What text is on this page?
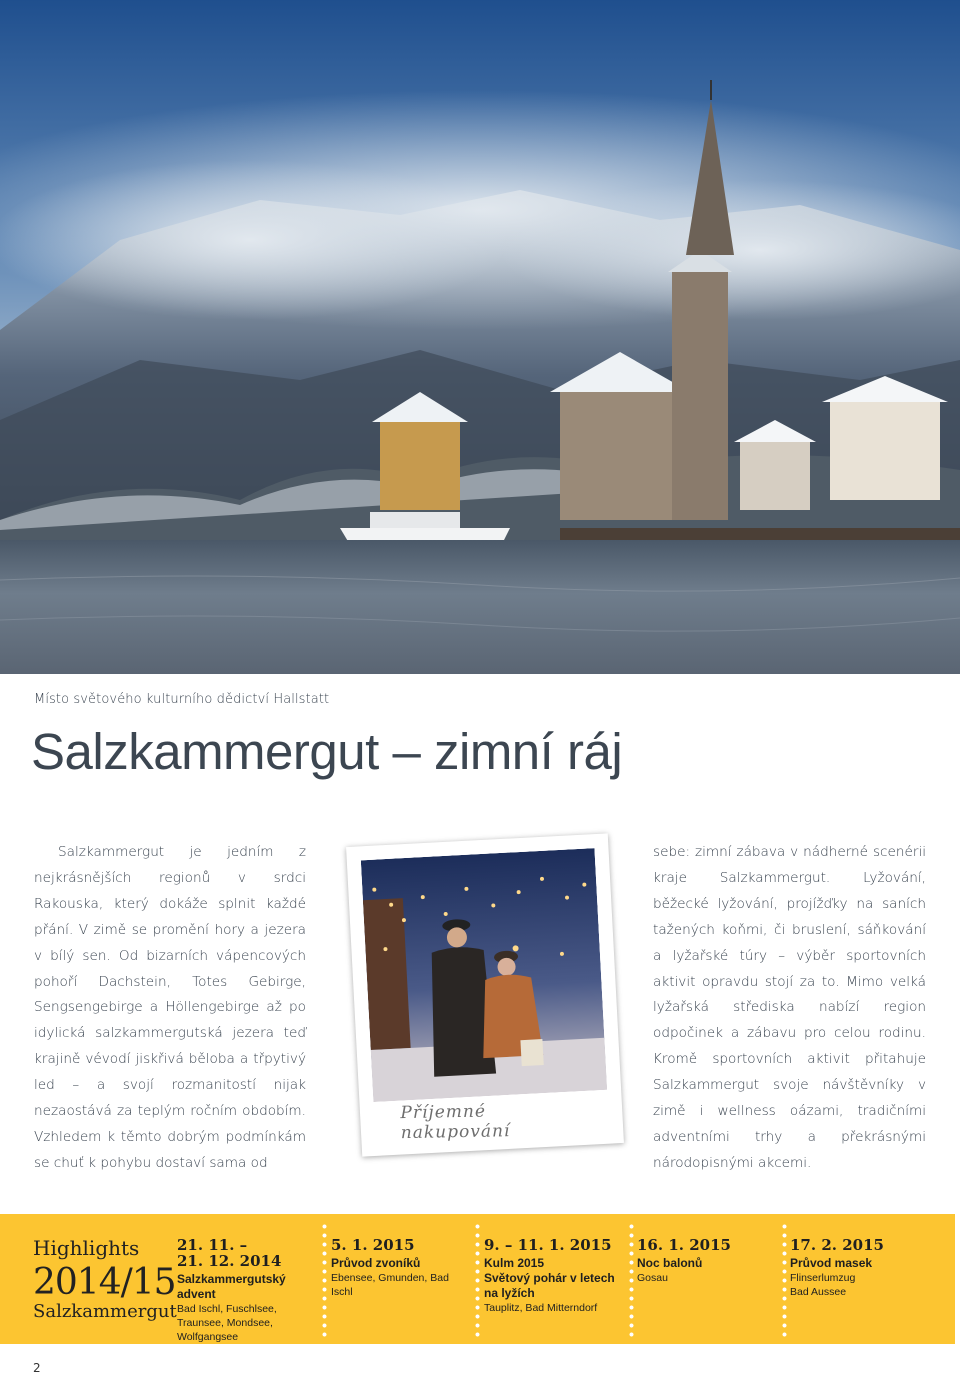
Místo světového kulturního dědictví Hallstatt
Salzkammergut – zimní ráj
Salzkammergut je jedním z nejkrásnějších regionů v srdci Rakouska, který dokáže splnit každé přání. V zimě se promění hory a jezera v bílý sen. Od bizarních vápencových pohoří Dachstein, Totes Gebirge, Sengsengebirge a Höllengebirge až po idylická salzkammergutská jezera teď krajině vévodí jiskřivá běloba a třpytivý led – a svojí rozmanitostí nijak nezaostává za teplým ročním obdobím. Vzhledem k těmto dobrým podmínkám se chuť k pohybu dostaví sama od
Příjemné nakupování
sebe: zimní zábava v nádherné scenérii kraje Salzkammergut. Lyžování, běžecké lyžování, projížďky na saních tažených koňmi, či bruslení, sáňkování a lyžařské túry – výběr sportovních aktivit opravdu stojí za to. Mimo velká lyžařská střediska nabízí region odpočinek a zábavu pro celou rodinu. Kromě sportovních aktivit přitahuje Salzkammergut svoje návštěvníky v zimě i wellness oázami, tradičními adventními trhy a překrásnými národopisnými akcemi.
Highlights
2014/15
Salzkammergut
21. 11. –
21. 12. 2014
Salzkammergutský advent
Bad Ischl, Fuschlsee, Traunsee, Mondsee, Wolfgangsee
5. 1. 2015
Průvod zvoníků
Ebensee, Gmunden, Bad Ischl
9. – 11. 1. 2015
Kulm 2015
Světový pohár v letech na lyžích
Tauplitz, Bad Mitterndorf
16. 1. 2015
Noc balonů
Gosau
17. 2. 2015
Průvod masek
Flinserlumzug
Bad Aussee
2
